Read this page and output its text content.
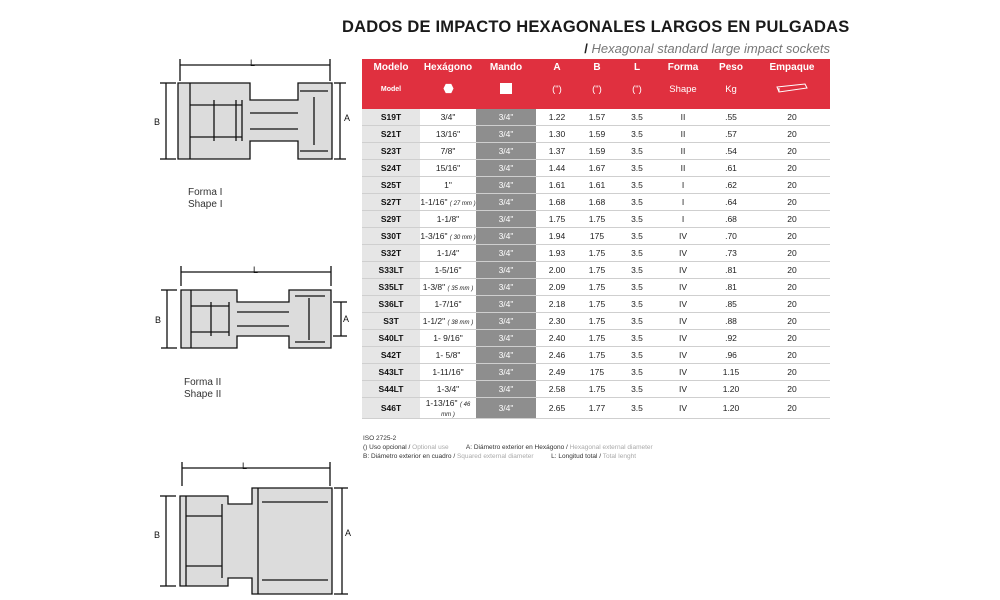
DADOS DE IMPACTO HEXAGONALES LARGOS EN PULGADAS
/ Hexagonal standard large impact sockets
L
B	A
Forma I
Shape I
L
B	A
Forma II
Shape II
L
B	A
Modelo	Hexágono	Mando	A	B	L	Forma	Peso	Empaque
Model			(")	(")	(")	Shape	Kg	
S19T	3/4"	3/4"	1.22	1.57	3.5	II	.55	20
S21T	13/16"	3/4"	1.30	1.59	3.5	II	.57	20
S23T	7/8"	3/4"	1.37	1.59	3.5	II	.54	20
S24T	15/16"	3/4"	1.44	1.67	3.5	II	.61	20
S25T	1"	3/4"	1.61	1.61	3.5	I	.62	20
S27T	1-1/16" ( 27 mm )	3/4"	1.68	1.68	3.5	I	.64	20
S29T	1-1/8"	3/4"	1.75	1.75	3.5	I	.68	20
S30T	1-3/16" ( 30 mm )	3/4"	1.94	175	3.5	IV	.70	20
S32T	1-1/4"	3/4"	1.93	1.75	3.5	IV	.73	20
S33LT	1-5/16"	3/4"	2.00	1.75	3.5	IV	.81	20
S35LT	1-3/8" ( 35 mm )	3/4"	2.09	1.75	3.5	IV	.81	20
S36LT	1-7/16"	3/4"	2.18	1.75	3.5	IV	.85	20
S3T	1-1/2" ( 38 mm )	3/4"	2.30	1.75	3.5	IV	.88	20
S40LT	1- 9/16"	3/4"	2.40	1.75	3.5	IV	.92	20
S42T	1- 5/8"	3/4"	2.46	1.75	3.5	IV	.96	20
S43LT	1-11/16"	3/4"	2.49	175	3.5	IV	1.15	20
S44LT	1-3/4"	3/4"	2.58	1.75	3.5	IV	1.20	20
S46T	1-13/16" ( 46 mm )	3/4"	2.65	1.77	3.5	IV	1.20	20
ISO 2725-2
() Uso opcional / Optional use	A: Diámetro exterior en Hexágono / Hexagonal external diameter
B: Diámetro exterior en cuadro / Squared external diameter	L: Longitud total / Total lenght
